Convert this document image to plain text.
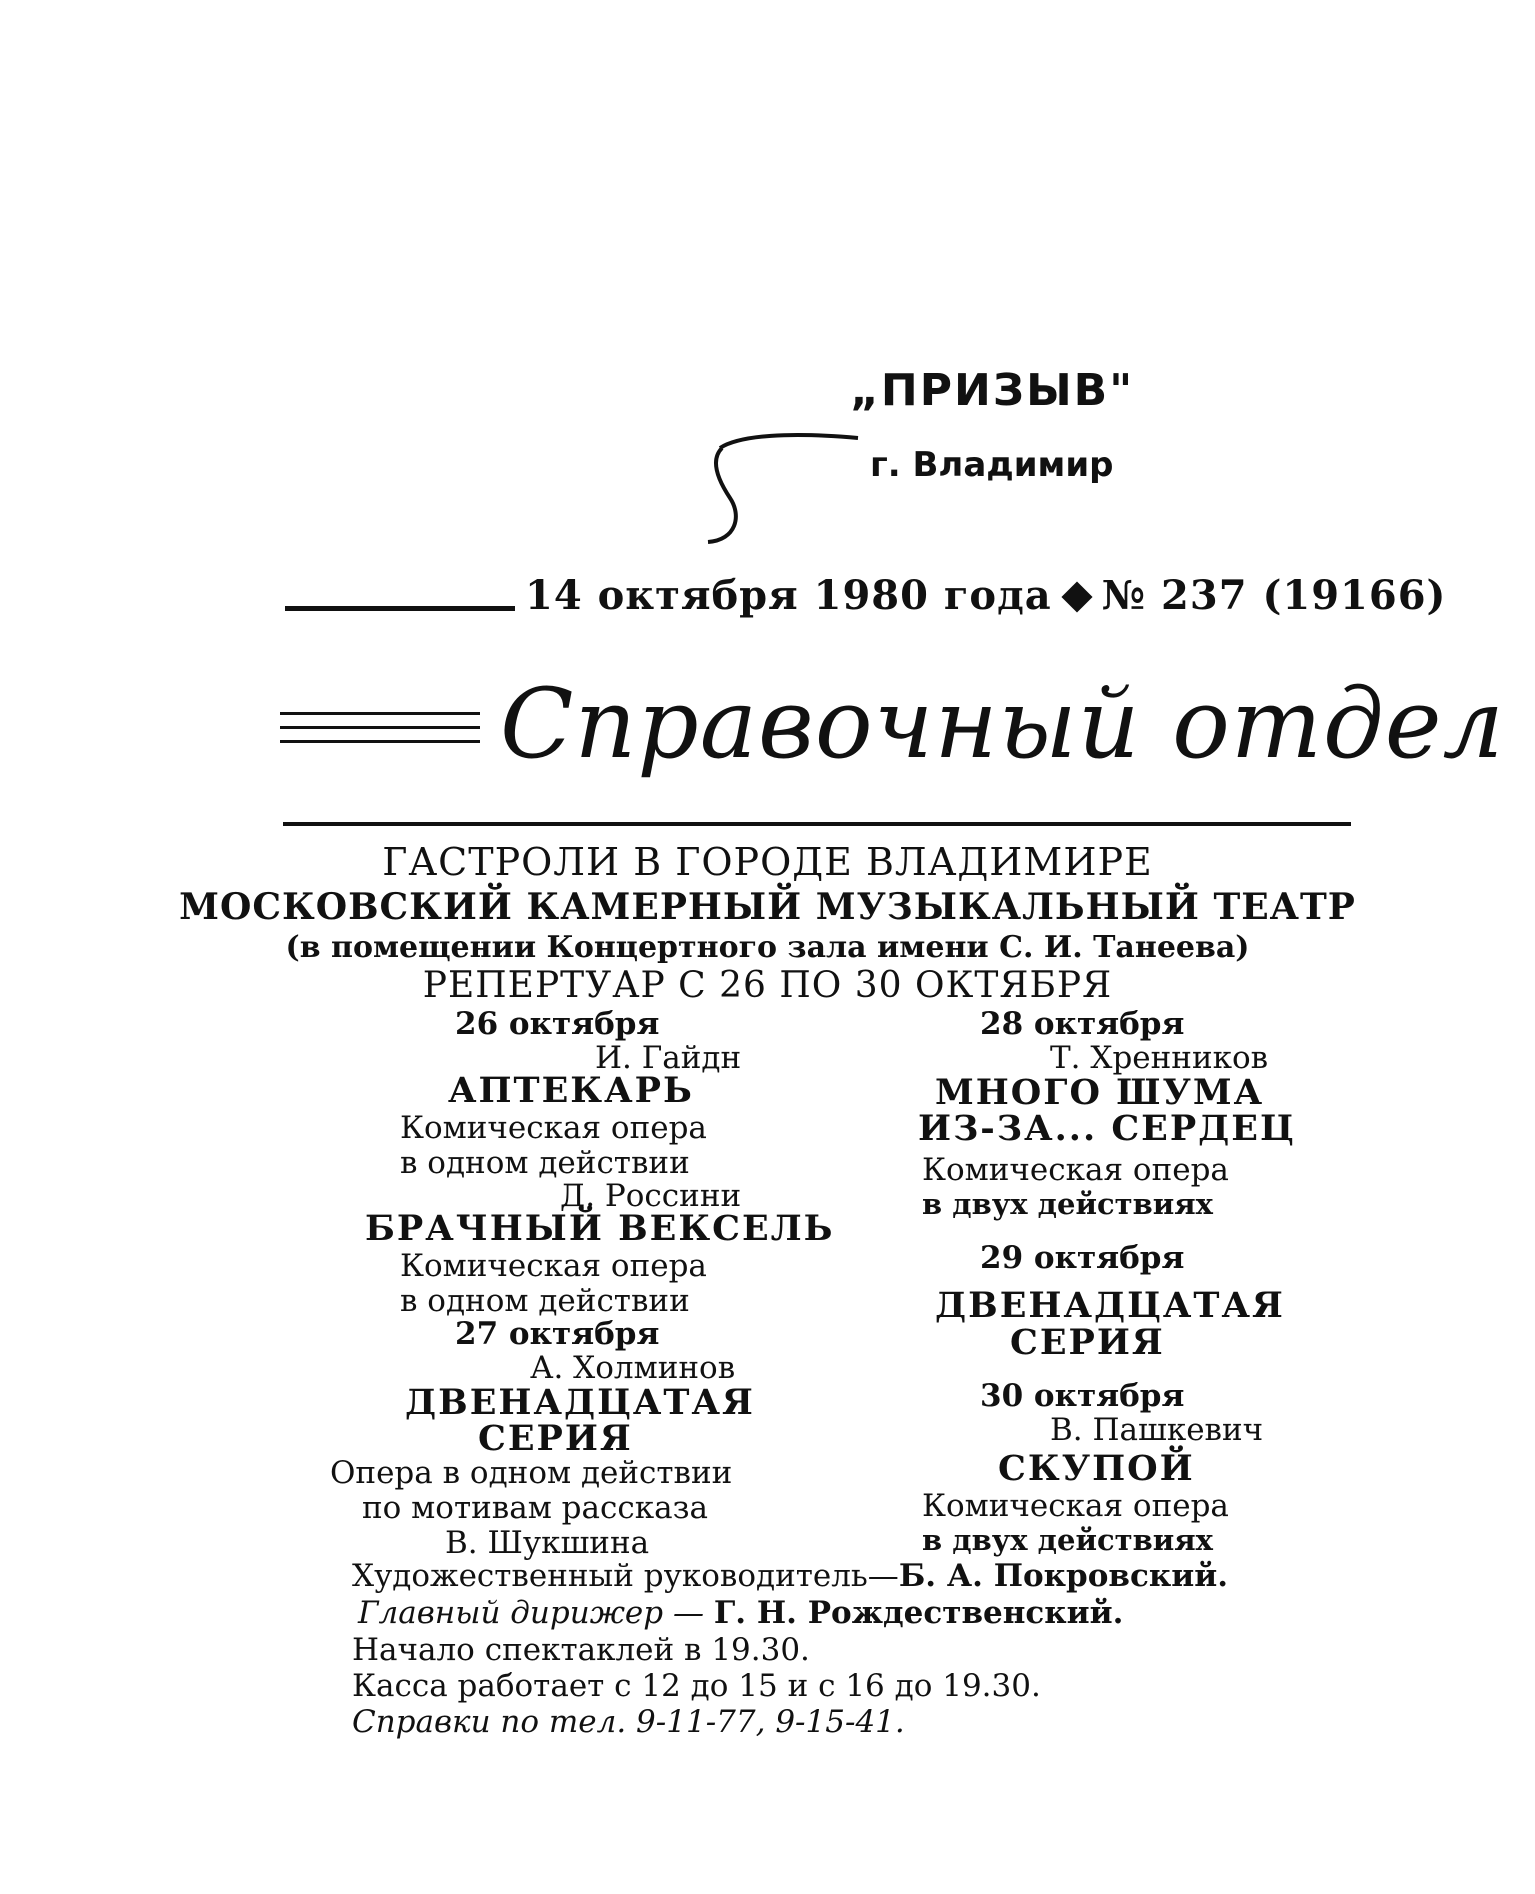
„ПРИЗЫВ"
г. Владимир
14 октября 1980 года № 237 (19166)
Справочный отдел
ГАСТРОЛИ В ГОРОДЕ ВЛАДИМИРЕ
МОСКОВСКИЙ КАМЕРНЫЙ МУЗЫКАЛЬНЫЙ ТЕАТР
(в помещении Концертного зала имени С. И. Танеева)
РЕПЕРТУАР С 26 ПО 30 ОКТЯБРЯ
26 октября
И. Гайдн
АПТЕКАРЬ
Комическая опера
в одном действии
Д. Россини
БРАЧНЫЙ ВЕКСЕЛЬ
Комическая опера
в одном действии
27 октября
А. Холминов
ДВЕНАДЦАТАЯ
СЕРИЯ
Опера в одном действии
по мотивам рассказа
В. Шукшина
28 октября
Т. Хренников
МНОГО ШУМА
ИЗ-ЗА... СЕРДЕЦ
Комическая опера
в двух действиях
29 октября
ДВЕНАДЦАТАЯ
СЕРИЯ
30 октября
В. Пашкевич
СКУПОЙ
Комическая опера
в двух действиях
Художественный руководитель—Б. А. Покровский.
Главный дирижер — Г. Н. Рождественский.
Начало спектаклей в 19.30.
Касса работает с 12 до 15 и с 16 до 19.30.
Справки по тел. 9-11-77, 9-15-41.
